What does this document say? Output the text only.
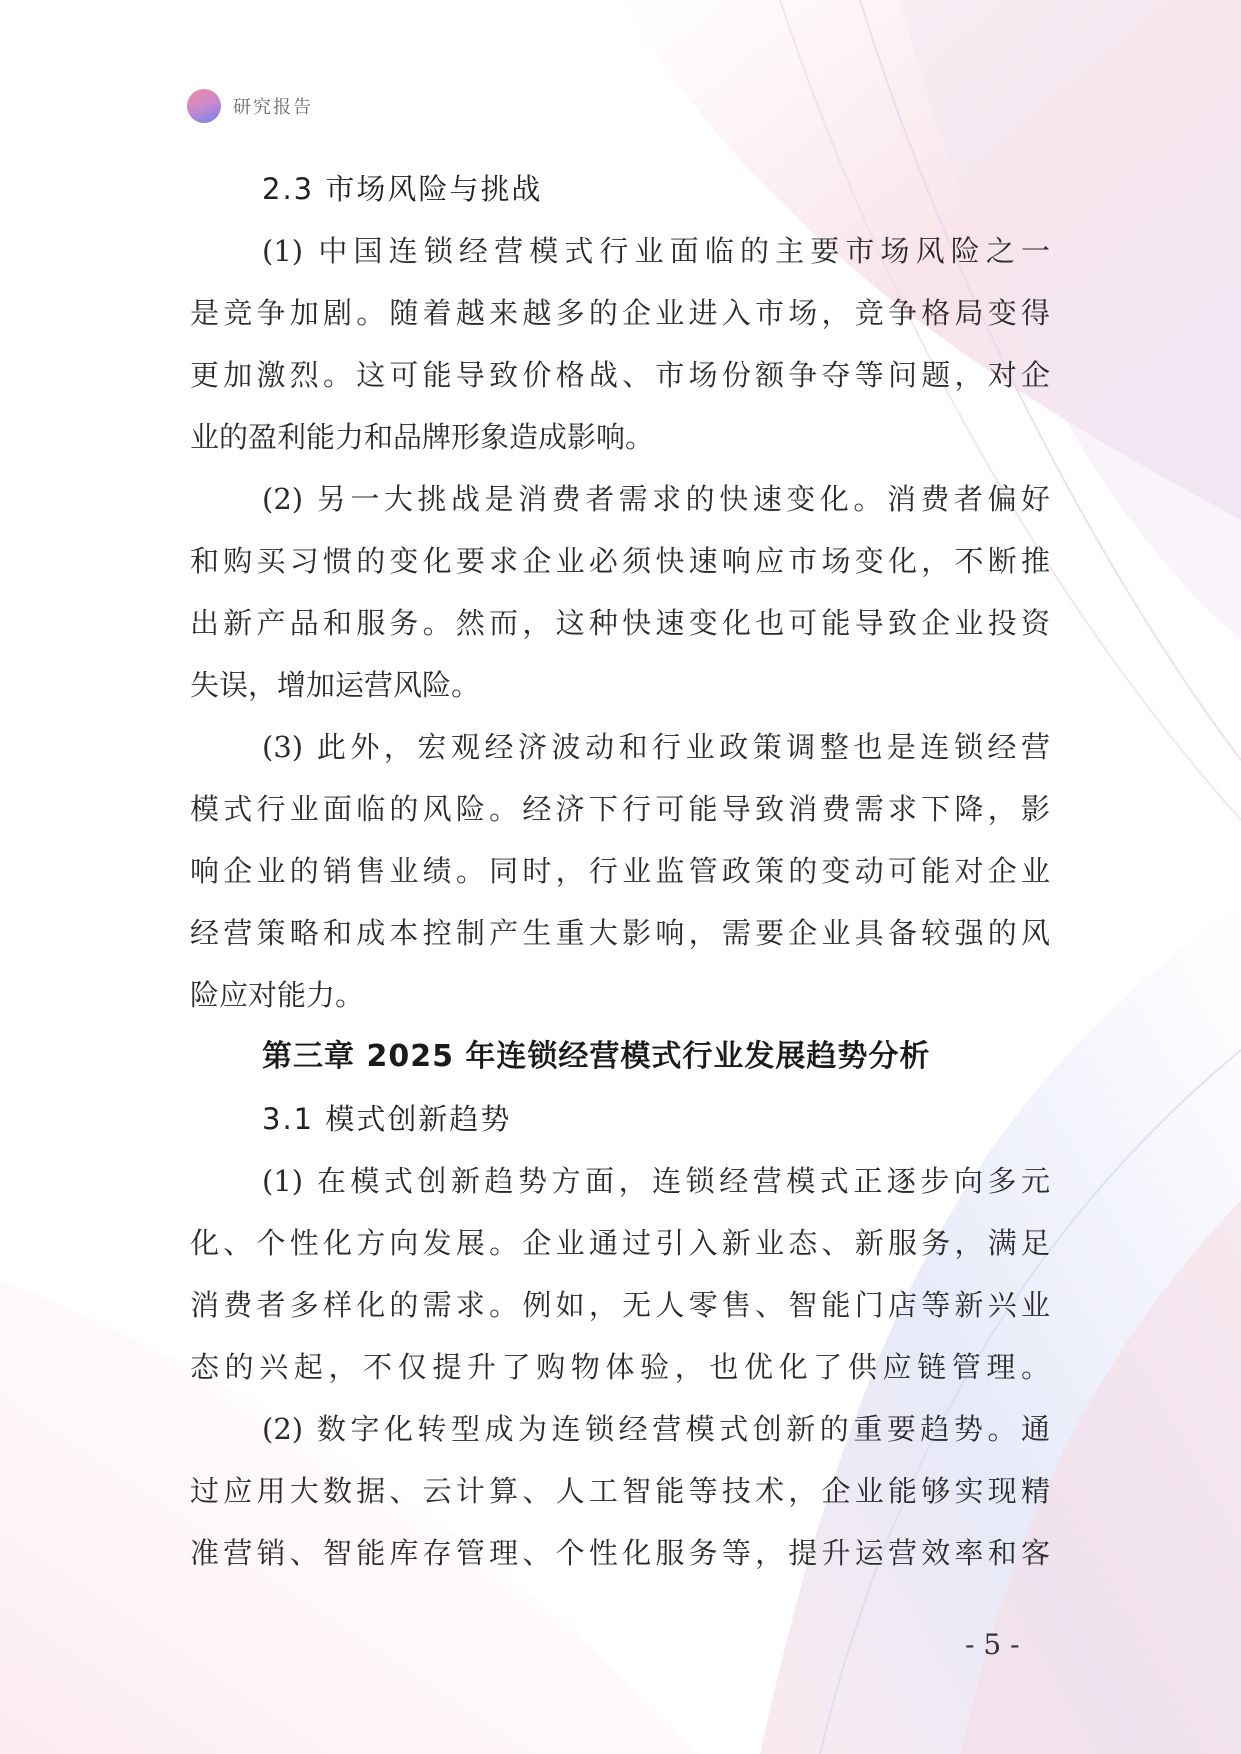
研究报告
2.3 市场风险与挑战
(1) 中国连锁经营模式行业面临的主要市场风险之一
是竞争加剧。随着越来越多的企业进入市场，竞争格局变得
更加激烈。这可能导致价格战、市场份额争夺等问题，对企
业的盈利能力和品牌形象造成影响。
(2) 另一大挑战是消费者需求的快速变化。消费者偏好
和购买习惯的变化要求企业必须快速响应市场变化，不断推
出新产品和服务。然而，这种快速变化也可能导致企业投资
失误，增加运营风险。
(3) 此外，宏观经济波动和行业政策调整也是连锁经营
模式行业面临的风险。经济下行可能导致消费需求下降，影
响企业的销售业绩。同时，行业监管政策的变动可能对企业
经营策略和成本控制产生重大影响，需要企业具备较强的风
险应对能力。
第三章 2025 年连锁经营模式行业发展趋势分析
3.1 模式创新趋势
(1) 在模式创新趋势方面，连锁经营模式正逐步向多元
化、个性化方向发展。企业通过引入新业态、新服务，满足
消费者多样化的需求。例如，无人零售、智能门店等新兴业
态的兴起，不仅提升了购物体验，也优化了供应链管理。
(2) 数字化转型成为连锁经营模式创新的重要趋势。通
过应用大数据、云计算、人工智能等技术，企业能够实现精
准营销、智能库存管理、个性化服务等，提升运营效率和客
- 5 -
